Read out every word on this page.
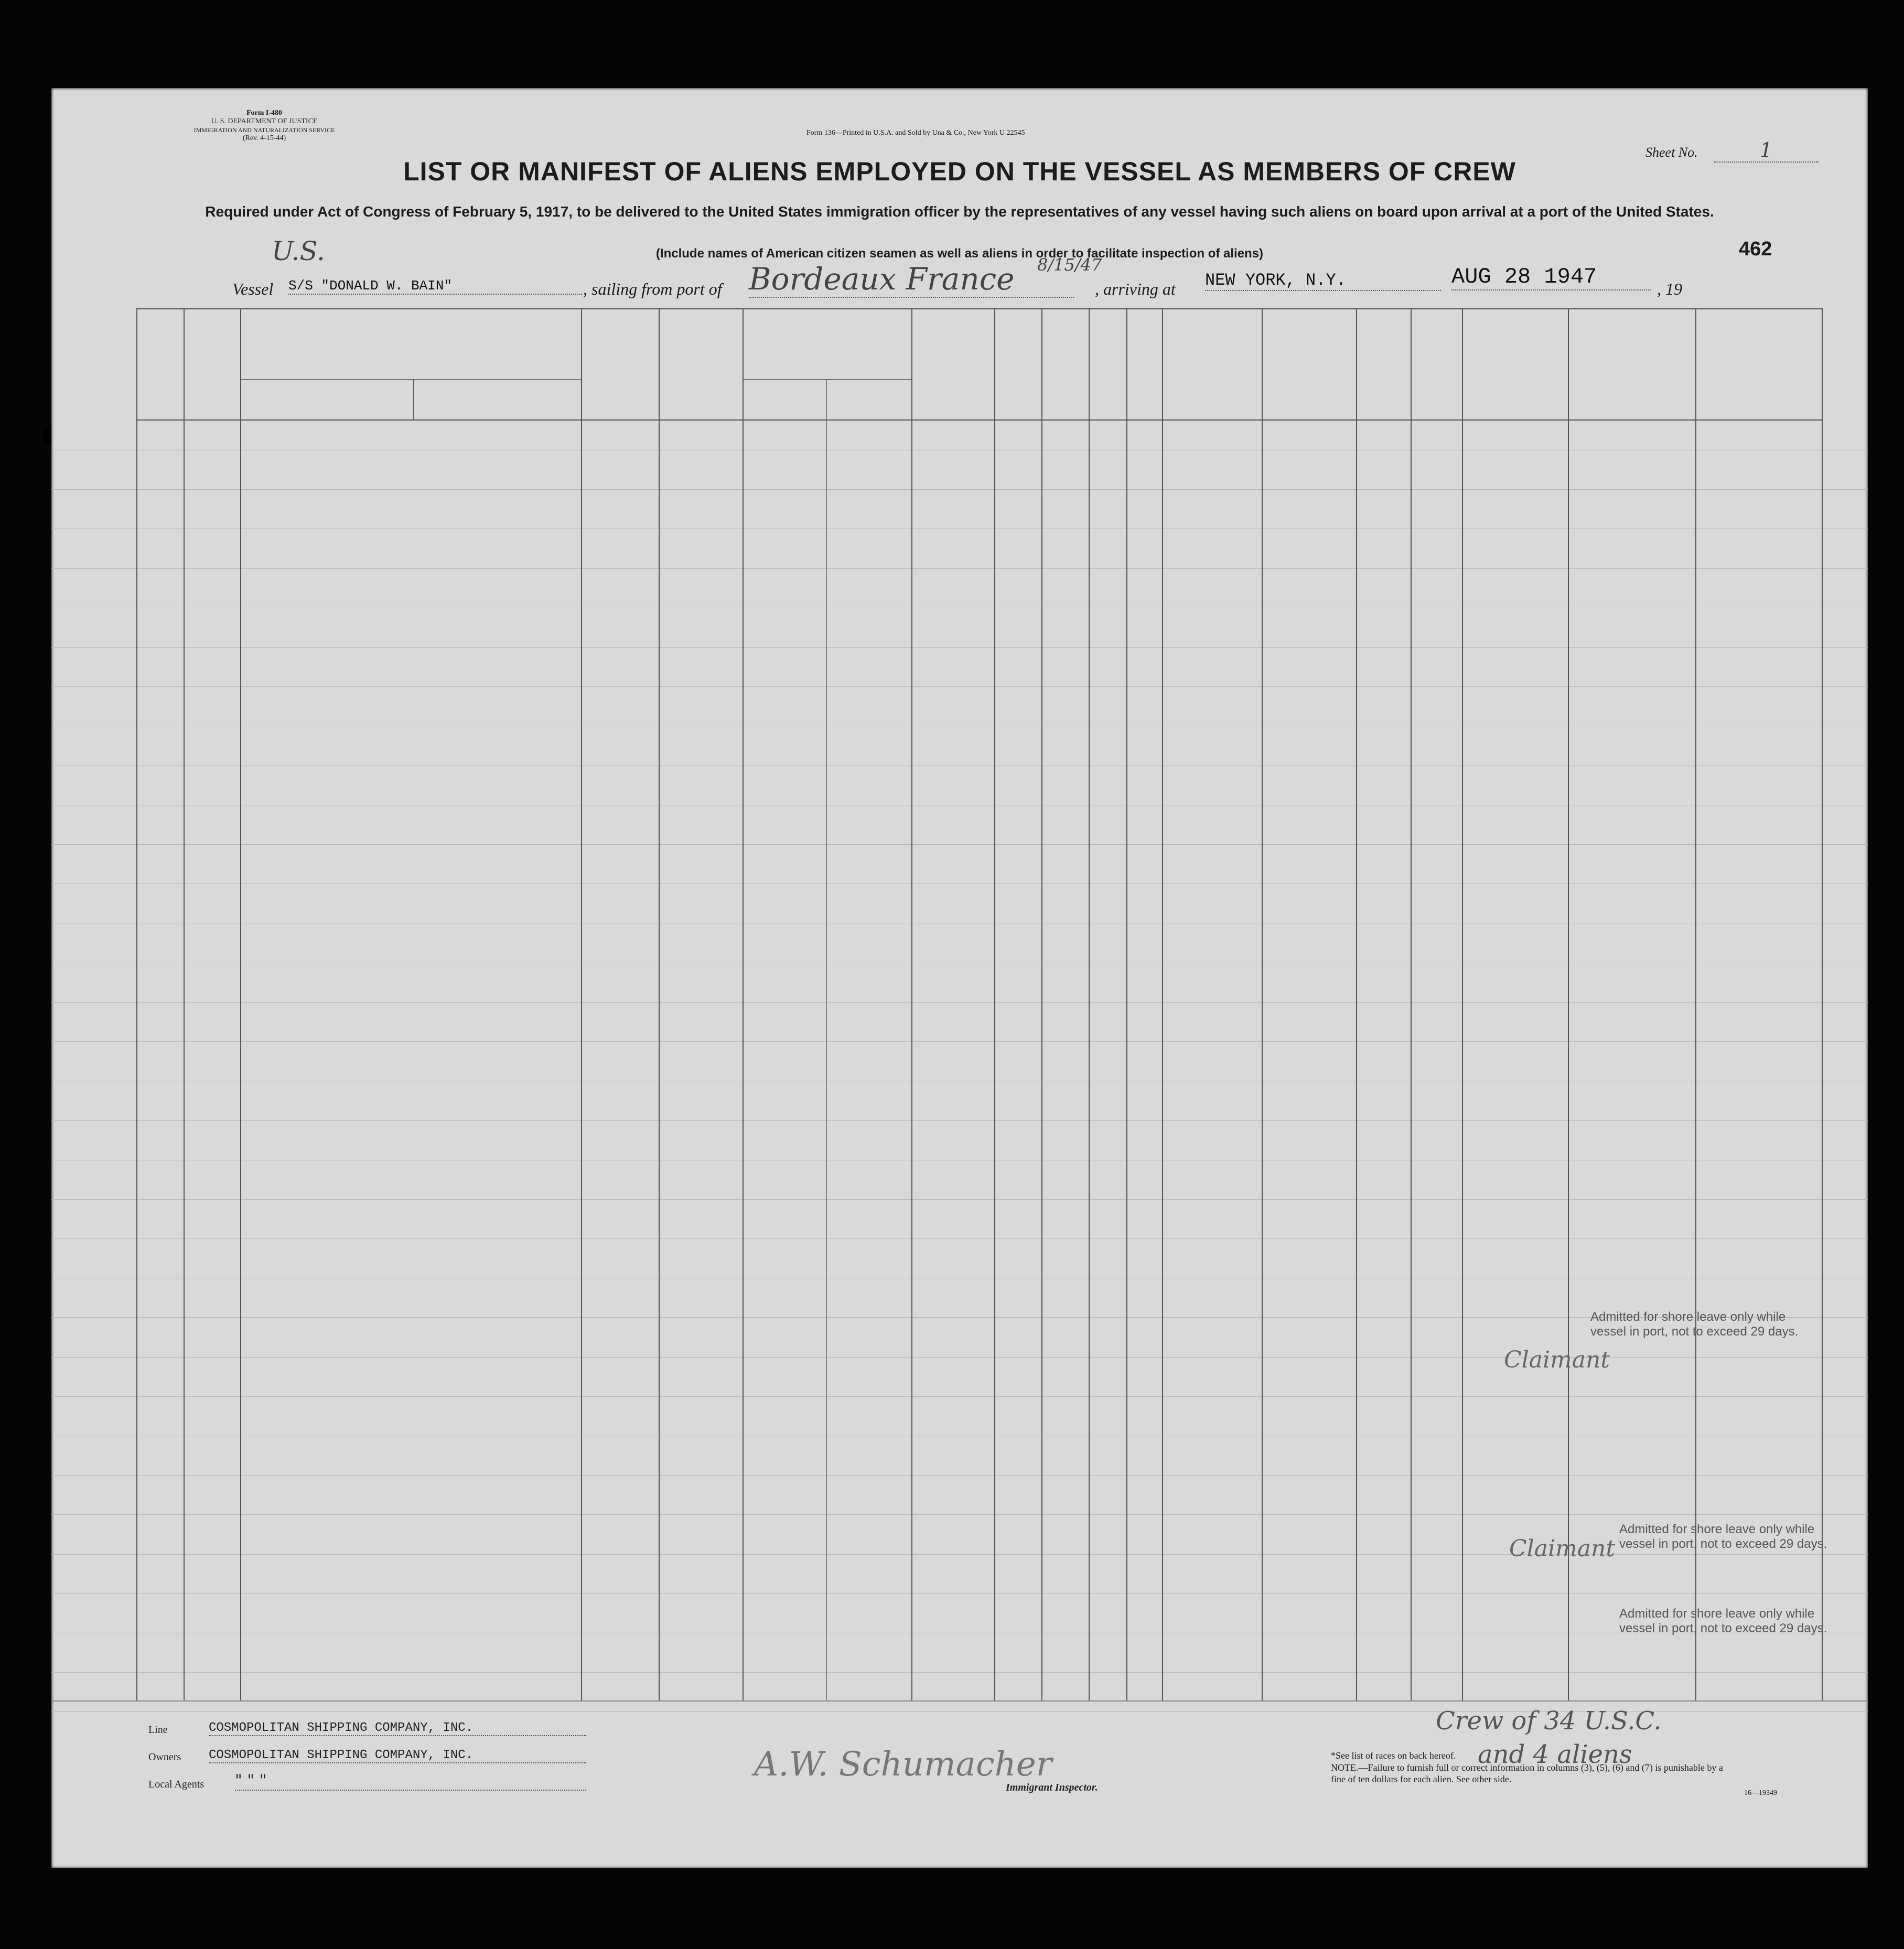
Form I-480
U. S. DEPARTMENT OF JUSTICE
IMMIGRATION AND NATURALIZATION SERVICE
(Rev. 4-15-44)
Form 136—Printed in U.S.A. and Sold by Una & Co., New York U 22545
Sheet No.	1
LIST OR MANIFEST OF ALIENS EMPLOYED ON THE VESSEL AS MEMBERS OF CREW
Required under Act of Congress of February 5, 1917, to be delivered to the United States immigration officer by the representatives of any vessel having such aliens on board upon arrival at a port of the United States.
(Include names of American citizen seamen as well as aliens in order to facilitate inspection of aliens)	462
U.S.
Vessel S/S "DONALD W. BAIN"	, sailing from port of Bordeaux France	8/15/47
, arriving at NEW YORK, N.Y.	AUG 28 1947	, 19
Admitted for shore leave only while vessel in port, not to exceed 29 days.
Admitted for shore leave only while vessel in port, not to exceed 29 days.
Admitted for shore leave only while vessel in port, not to exceed 29 days.
Claimant
Claimant
Line	COSMOPOLITAN SHIPPING COMPANY, INC.
Owners COSMOPOLITAN SHIPPING COMPANY, INC.
Local Agents " " "	A.W. Schumacher
Immigrant Inspector.
Crew of 34 U.S.C.
and 4 aliens
*See list of races on back hereof.
NOTE.—Failure to furnish full or correct information in columns (3), (5), (6) and (7) is punishable by a fine of ten dollars for each alien. See other side.
16—19349
